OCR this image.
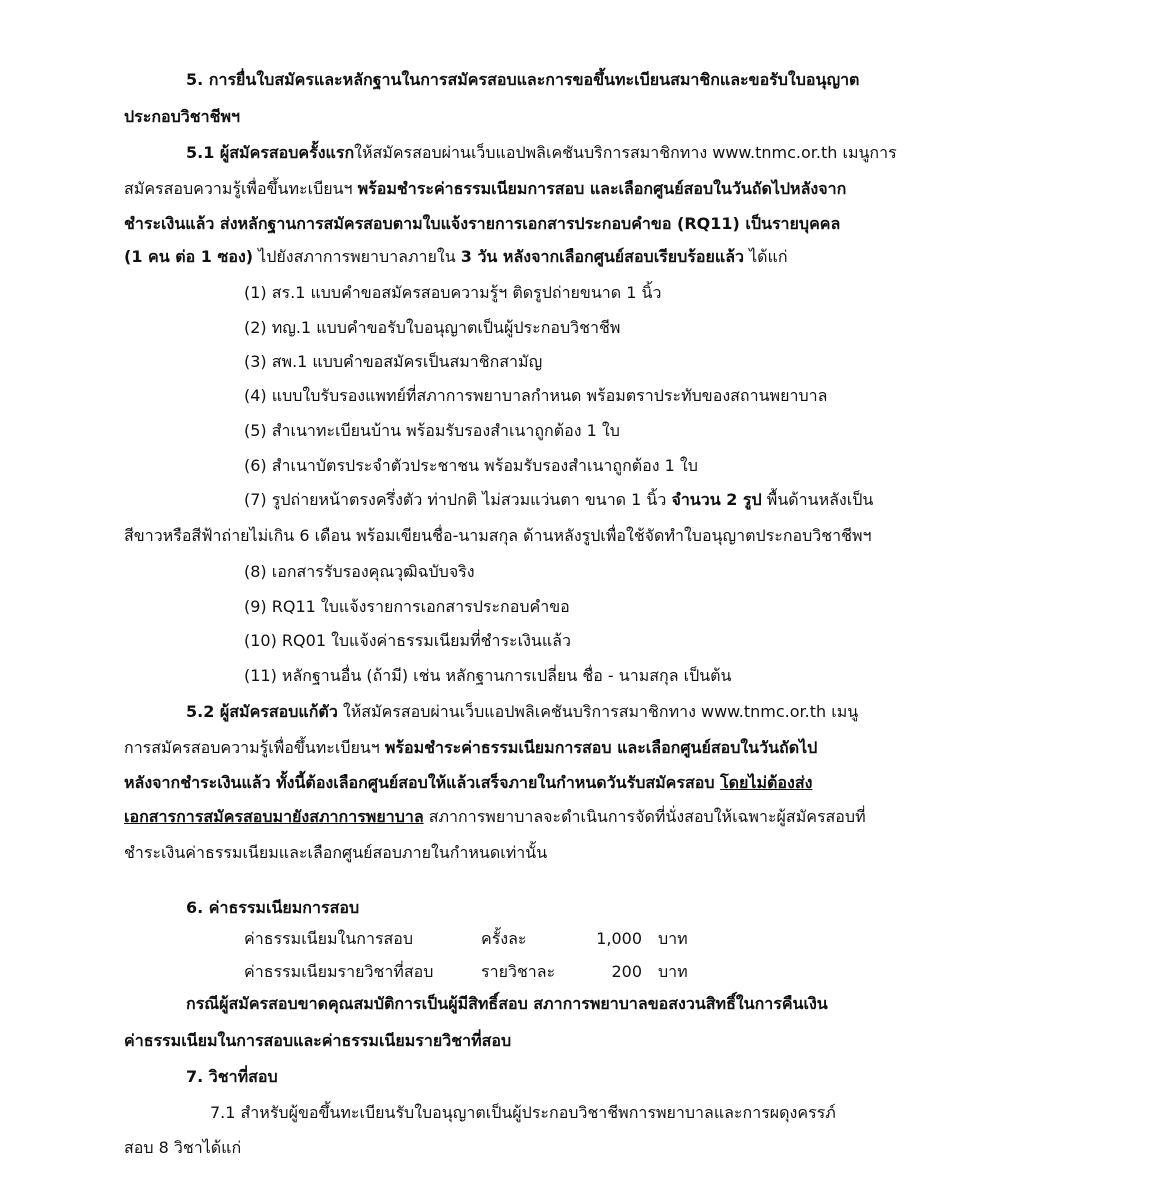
5. การยื่นใบสมัครและหลักฐานในการสมัครสอบและการขอขึ้นทะเบียนสมาชิกและขอรับใบอนุญาต
ประกอบวิชาชีพฯ
5.1 ผู้สมัครสอบครั้งแรกให้สมัครสอบผ่านเว็บแอปพลิเคชันบริการสมาชิกทาง www.tnmc.or.th เมนูการ
สมัครสอบความรู้เพื่อขึ้นทะเบียนฯ พร้อมชำระค่าธรรมเนียมการสอบ และเลือกศูนย์สอบในวันถัดไปหลังจาก
ชำระเงินแล้ว ส่งหลักฐานการสมัครสอบตามใบแจ้งรายการเอกสารประกอบคำขอ (RQ11) เป็นรายบุคคล
(1 คน ต่อ 1 ซอง) ไปยังสภาการพยาบาลภายใน 3 วัน หลังจากเลือกศูนย์สอบเรียบร้อยแล้ว ได้แก่
(1) สร.1 แบบคำขอสมัครสอบความรู้ฯ ติดรูปถ่ายขนาด 1 นิ้ว
(2) ทญ.1 แบบคำขอรับใบอนุญาตเป็นผู้ประกอบวิชาชีพ
(3) สพ.1 แบบคำขอสมัครเป็นสมาชิกสามัญ
(4) แบบใบรับรองแพทย์ที่สภาการพยาบาลกำหนด พร้อมตราประทับของสถานพยาบาล
(5) สำเนาทะเบียนบ้าน พร้อมรับรองสำเนาถูกต้อง 1 ใบ
(6) สำเนาบัตรประจำตัวประชาชน พร้อมรับรองสำเนาถูกต้อง 1 ใบ
(7) รูปถ่ายหน้าตรงครึ่งตัว ท่าปกติ ไม่สวมแว่นตา ขนาด 1 นิ้ว จำนวน 2 รูป พื้นด้านหลังเป็น
สีขาวหรือสีฟ้าถ่ายไม่เกิน 6 เดือน พร้อมเขียนชื่อ-นามสกุล ด้านหลังรูปเพื่อใช้จัดทำใบอนุญาตประกอบวิชาชีพฯ
(8) เอกสารรับรองคุณวุฒิฉบับจริง
(9) RQ11 ใบแจ้งรายการเอกสารประกอบคำขอ
(10) RQ01 ใบแจ้งค่าธรรมเนียมที่ชำระเงินแล้ว
(11) หลักฐานอื่น (ถ้ามี) เช่น หลักฐานการเปลี่ยน ชื่อ - นามสกุล เป็นต้น
5.2 ผู้สมัครสอบแก้ตัว ให้สมัครสอบผ่านเว็บแอปพลิเคชันบริการสมาชิกทาง www.tnmc.or.th เมนู
การสมัครสอบความรู้เพื่อขึ้นทะเบียนฯ พร้อมชำระค่าธรรมเนียมการสอบ และเลือกศูนย์สอบในวันถัดไป
หลังจากชำระเงินแล้ว ทั้งนี้ต้องเลือกศูนย์สอบให้แล้วเสร็จภายในกำหนดวันรับสมัครสอบ โดยไม่ต้องส่ง
เอกสารการสมัครสอบมายังสภาการพยาบาล สภาการพยาบาลจะดำเนินการจัดที่นั่งสอบให้เฉพาะผู้สมัครสอบที่
ชำระเงินค่าธรรมเนียมและเลือกศูนย์สอบภายในกำหนดเท่านั้น
6. ค่าธรรมเนียมการสอบ
ค่าธรรมเนียมในการสอบ	ครั้งละ	1,000 บาท
ค่าธรรมเนียมรายวิชาที่สอบ	รายวิชาละ	200 บาท
กรณีผู้สมัครสอบขาดคุณสมบัติการเป็นผู้มีสิทธิ์สอบ สภาการพยาบาลขอสงวนสิทธิ์ในการคืนเงิน
ค่าธรรมเนียมในการสอบและค่าธรรมเนียมรายวิชาที่สอบ
7. วิชาที่สอบ
7.1 สำหรับผู้ขอขึ้นทะเบียนรับใบอนุญาตเป็นผู้ประกอบวิชาชีพการพยาบาลและการผดุงครรภ์
สอบ 8 วิชาได้แก่
